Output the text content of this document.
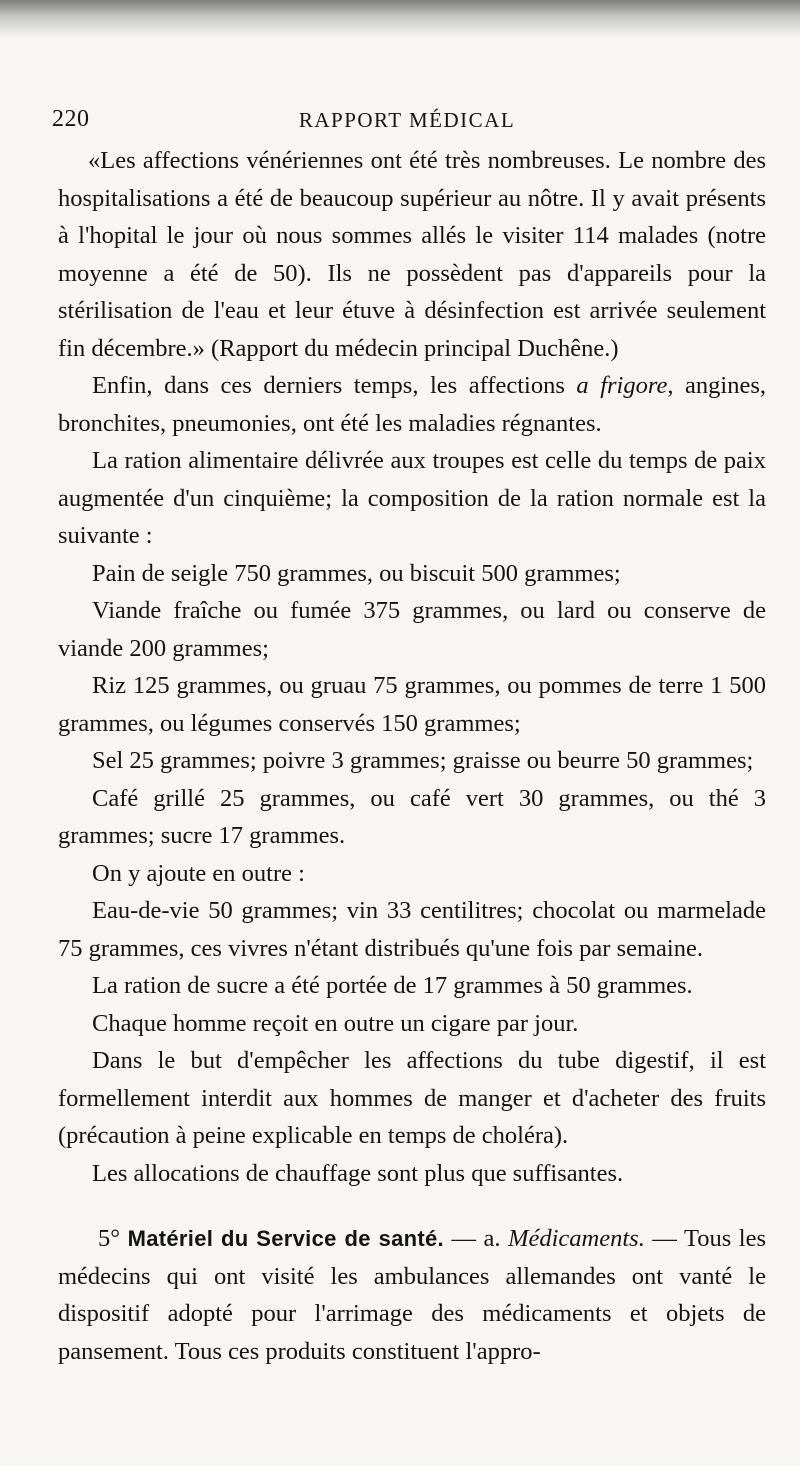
220	RAPPORT MÉDICAL
«Les affections vénériennes ont été très nombreuses. Le nombre des hospitalisations a été de beaucoup supérieur au nôtre. Il y avait présents à l'hopital le jour où nous sommes allés le visiter 114 malades (notre moyenne a été de 50). Ils ne possèdent pas d'appareils pour la stérilisation de l'eau et leur étuve à désinfection est arrivée seulement fin décembre.» (Rapport du médecin principal Duchêne.)
Enfin, dans ces derniers temps, les affections a frigore, angines, bronchites, pneumonies, ont été les maladies régnantes.
La ration alimentaire délivrée aux troupes est celle du temps de paix augmentée d'un cinquième; la composition de la ration normale est la suivante :
Pain de seigle 750 grammes, ou biscuit 500 grammes;
Viande fraîche ou fumée 375 grammes, ou lard ou conserve de viande 200 grammes;
Riz 125 grammes, ou gruau 75 grammes, ou pommes de terre 1 500 grammes, ou légumes conservés 150 grammes;
Sel 25 grammes; poivre 3 grammes; graisse ou beurre 50 grammes;
Café grillé 25 grammes, ou café vert 30 grammes, ou thé 3 grammes; sucre 17 grammes.
On y ajoute en outre :
Eau-de-vie 50 grammes; vin 33 centilitres; chocolat ou marmelade 75 grammes, ces vivres n'étant distribués qu'une fois par semaine.
La ration de sucre a été portée de 17 grammes à 50 grammes.
Chaque homme reçoit en outre un cigare par jour.
Dans le but d'empêcher les affections du tube digestif, il est formellement interdit aux hommes de manger et d'acheter des fruits (précaution à peine explicable en temps de choléra).
Les allocations de chauffage sont plus que suffisantes.
5° Matériel du Service de santé. — a. Médicaments. — Tous les médecins qui ont visité les ambulances allemandes ont vanté le dispositif adopté pour l'arrimage des médicaments et objets de pansement. Tous ces produits constituent l'appro-
